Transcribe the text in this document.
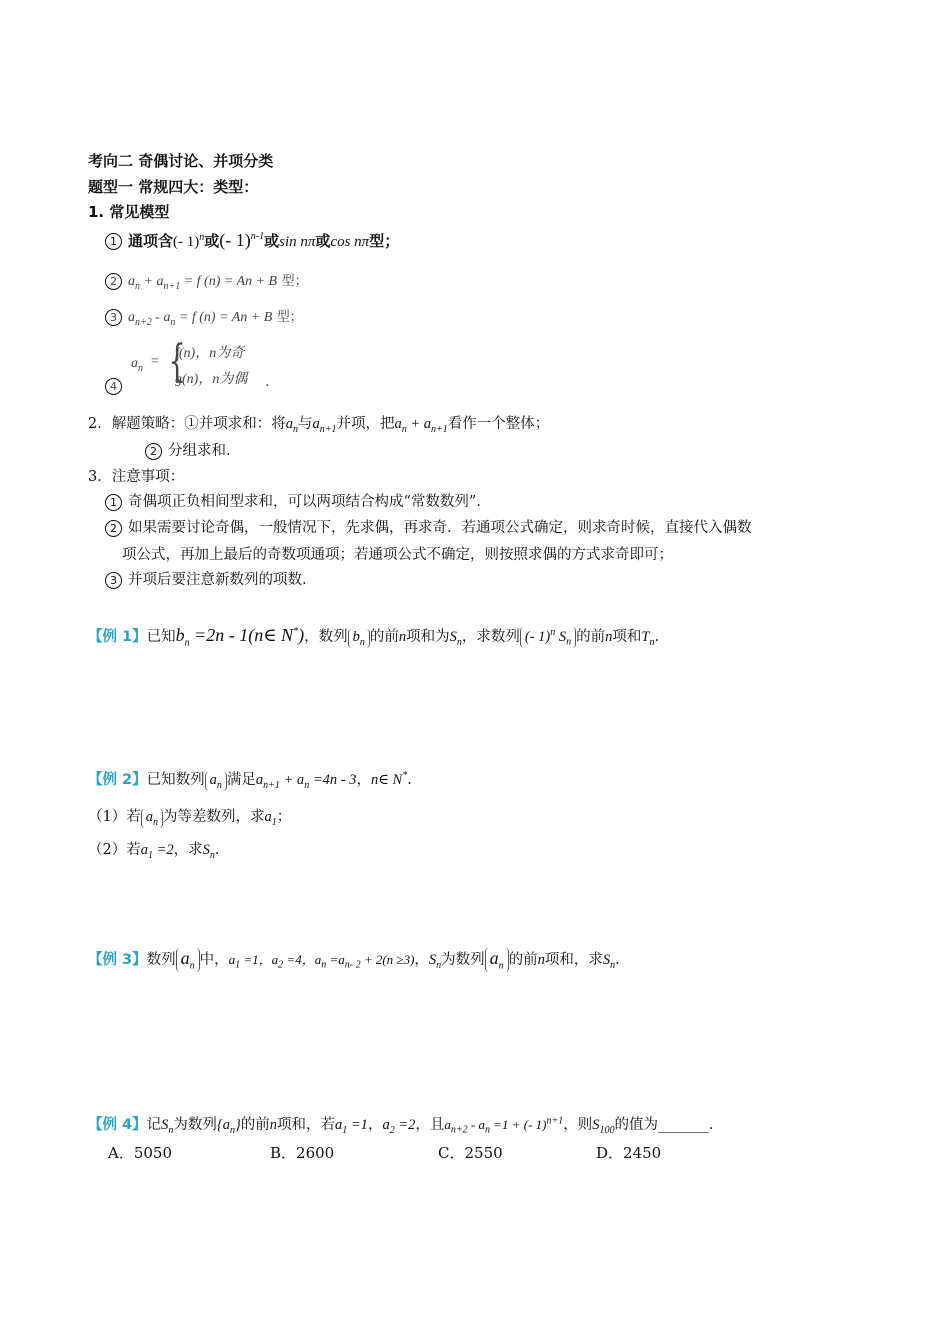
考向二 奇偶讨论、并项分类
题型一 常规四大：类型：
1. 常见模型
1 通项含(- 1)$^n$或(- 1)$^{n-1}$或sin nπ或cos nπ型；
2 $a_n + a_{n+1} = f$ (n) = An + B 型；
3 $a_{n+2} - a_n = f$ (n) = An + B 型；
4
$a_n$ = {
f(n)，n为奇
g(n)，n为偶 .
2．解题策略：①并项求和：将$a_n$与$a_{n+1}$并项，把$a_n + a_{n+1}$看作一个整体；
2 分组求和.
3．注意事项：
1 奇偶项正负相间型求和，可以两项结合构成“常数数列”．
2 如果需要讨论奇偶，一般情况下，先求偶，再求奇．若通项公式确定，则求奇时候，直接代入偶数
项公式，再加上最后的奇数项通项；若通项公式不确定，则按照求偶的方式求奇即可；
3 并项后要注意新数列的项数.
【例 1】已知$b_n =2n$ - 1(n∈ N*)，数列 $b_n$ 的前n项和为$S_n$，求数列 (- 1)$^n$ $S_n$ 的前n项和$T_n$.
【例 2】已知数列 $a_n$ 满足$a_{n+1} + a_n =4n - 3$，n∈ N*.
（1）若 $a_n$ 为等差数列，求$a_1$；
（2）若$a_1 =2$，求$S_n$.
【例 3】数列 $a_n$ 中，$a_1 =1$，$a_2 =4$，$a_n =a_{n- 2} + 2(n \ge 3)$，$S_n$为数列 $a_n$ 的前n项和，求$S_n$.
【例 4】记$S_n$为数列$\{a_n\}$的前n项和，若$a_1 =1$，$a_2 =2$，且$a_{n+2} - a_n =1$ + (- 1)$^{n+1}$，则$S_{100}$的值为_______.
A．5050	B．2600	C．2550	D．2450
